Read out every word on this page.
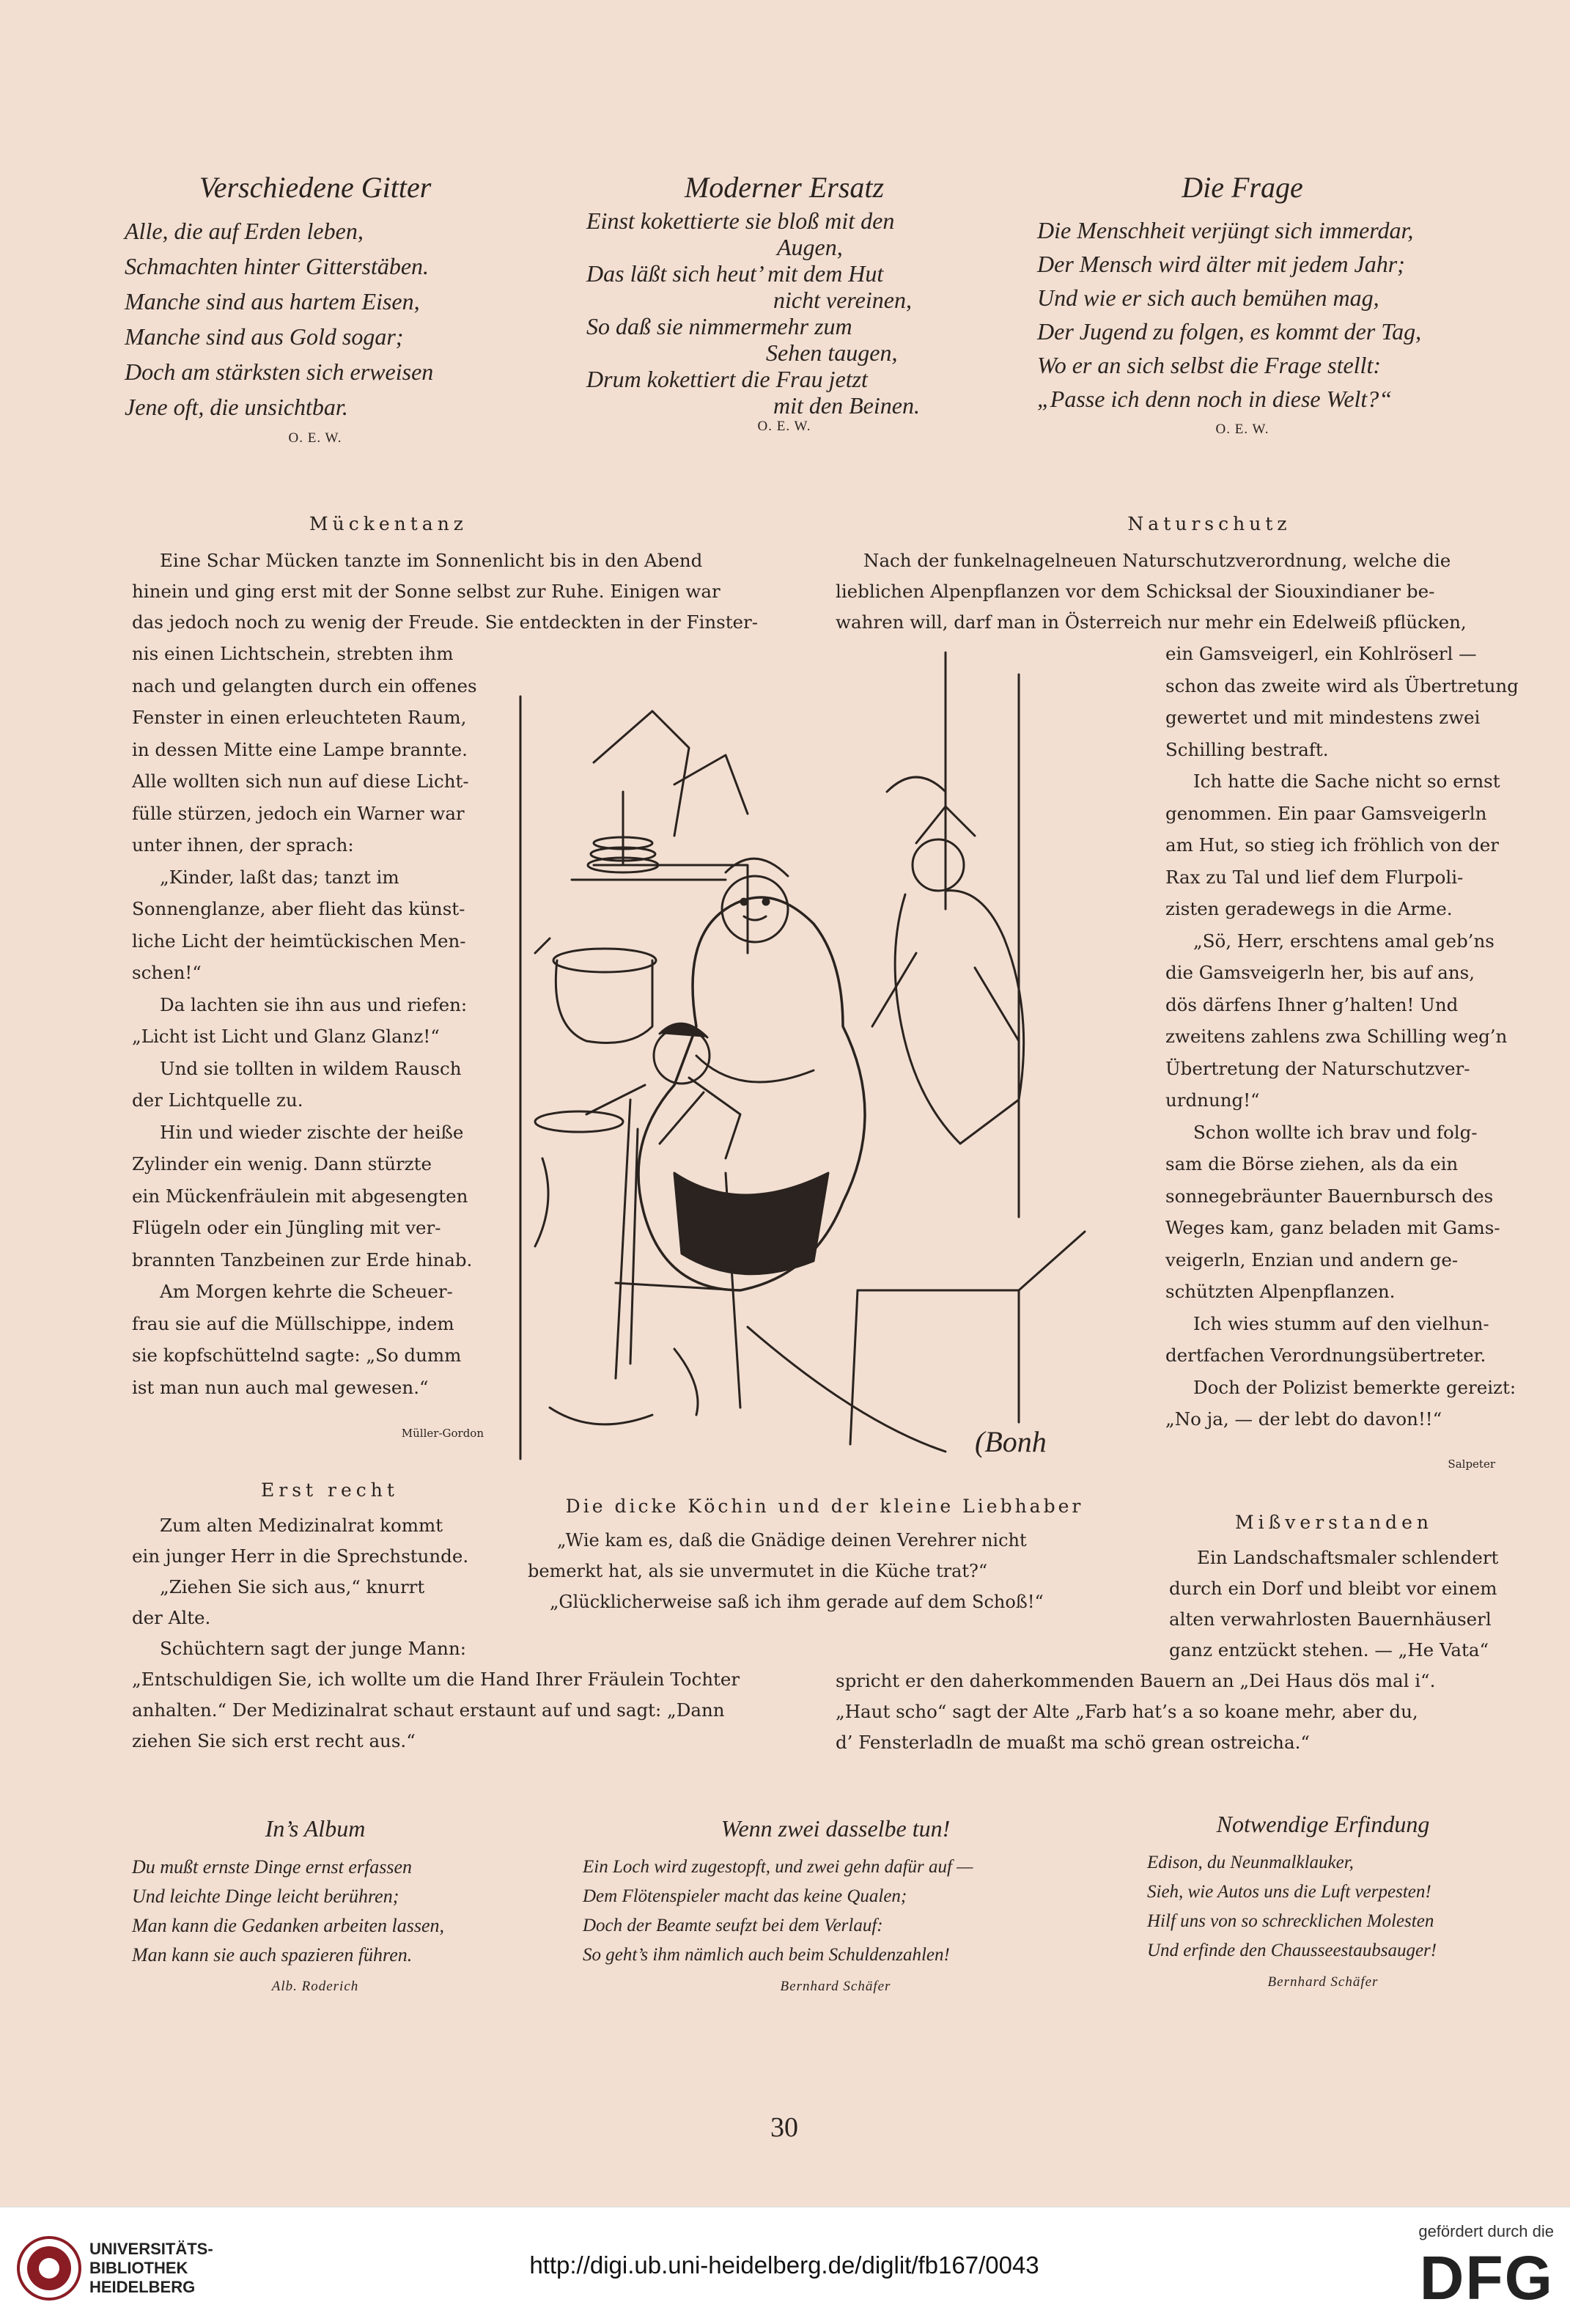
Verschiedene Gitter
Alle, die auf Erden leben,
Schmachten hinter Gitterstäben.
Manche sind aus hartem Eisen,
Manche sind aus Gold sogar;
Doch am stärksten sich erweisen
Jene oft, die unsichtbar.
O. E. W.
Moderner Ersatz
Einst kokettierte sie bloß mit den
Augen,
Das läßt sich heut’ mit dem Hut
nicht vereinen,
So daß sie nimmermehr zum
Sehen taugen,
Drum kokettiert die Frau jetzt
mit den Beinen.
O. E. W.
Die Frage
Die Menschheit verjüngt sich immerdar,
Der Mensch wird älter mit jedem Jahr;
Und wie er sich auch bemühen mag,
Der Jugend zu folgen, es kommt der Tag,
Wo er an sich selbst die Frage stellt:
„Passe ich denn noch in diese Welt?“
O. E. W.
Mückentanz
Eine Schar Mücken tanzte im Sonnenlicht bis in den Abend
hinein und ging erst mit der Sonne selbst zur Ruhe. Einigen war
das jedoch noch zu wenig der Freude. Sie entdeckten in der Finster-
nis einen Lichtschein, strebten ihm
nach und gelangten durch ein offenes
Fenster in einen erleuchteten Raum,
in dessen Mitte eine Lampe brannte.
Alle wollten sich nun auf diese Licht-
fülle stürzen, jedoch ein Warner war
unter ihnen, der sprach:
„Kinder, laßt das; tanzt im
Sonnenglanze, aber flieht das künst-
liche Licht der heimtückischen Men-
schen!“
Da lachten sie ihn aus und riefen:
„Licht ist Licht und Glanz Glanz!“
Und sie tollten in wildem Rausch
der Lichtquelle zu.
Hin und wieder zischte der heiße
Zylinder ein wenig. Dann stürzte
ein Mückenfräulein mit abgesengten
Flügeln oder ein Jüngling mit ver-
brannten Tanzbeinen zur Erde hinab.
Am Morgen kehrte die Scheuer-
frau sie auf die Müllschippe, indem
sie kopfschüttelnd sagte: „So dumm
ist man nun auch mal gewesen.“
Müller-Gordon
Naturschutz
Nach der funkelnagelneuen Naturschutzverordnung, welche die
lieblichen Alpenpflanzen vor dem Schicksal der Siouxindianer be-
wahren will, darf man in Österreich nur mehr ein Edelweiß pflücken,
ein Gamsveigerl, ein Kohlröserl —
schon das zweite wird als Übertretung
gewertet und mit mindestens zwei
Schilling bestraft.
Ich hatte die Sache nicht so ernst
genommen. Ein paar Gamsveigerln
am Hut, so stieg ich fröhlich von der
Rax zu Tal und lief dem Flurpoli-
zisten geradewegs in die Arme.
„Sö, Herr, erschtens amal geb’ns
die Gamsveigerln her, bis auf ans,
dös därfens Ihner g’halten! Und
zweitens zahlens zwa Schilling weg’n
Übertretung der Naturschutzver-
urdnung!“
Schon wollte ich brav und folg-
sam die Börse ziehen, als da ein
sonnegebräunter Bauernbursch des
Weges kam, ganz beladen mit Gams-
veigerln, Enzian und andern ge-
schützten Alpenpflanzen.
Ich wies stumm auf den vielhun-
dertfachen Verordnungsübertreter.
Doch der Polizist bemerkte gereizt:
„No ja, — der lebt do davon!!“
Salpeter
(Bonh
Die dicke Köchin und der kleine Liebhaber
„Wie kam es, daß die Gnädige deinen Verehrer nicht
bemerkt hat, als sie unvermutet in die Küche trat?“
„Glücklicherweise saß ich ihm gerade auf dem Schoß!“
Erst recht
Zum alten Medizinalrat kommt
ein junger Herr in die Sprechstunde.
„Ziehen Sie sich aus,“ knurrt
der Alte.
Schüchtern sagt der junge Mann:
„Entschuldigen Sie, ich wollte um die Hand Ihrer Fräulein Tochter
anhalten.“ Der Medizinalrat schaut erstaunt auf und sagt: „Dann
ziehen Sie sich erst recht aus.“
Mißverstanden
Ein Landschaftsmaler schlendert
durch ein Dorf und bleibt vor einem
alten verwahrlosten Bauernhäuserl
ganz entzückt stehen. — „He Vata“
spricht er den daherkommenden Bauern an „Dei Haus dös mal i“.
„Haut scho“ sagt der Alte „Farb hat’s a so koane mehr, aber du,
d’ Fensterladln de muaßt ma schö grean ostreicha.“
In’s Album
Du mußt ernste Dinge ernst erfassen
Und leichte Dinge leicht berühren;
Man kann die Gedanken arbeiten lassen,
Man kann sie auch spazieren führen.
Alb. Roderich
Wenn zwei dasselbe tun!
Ein Loch wird zugestopft, und zwei gehn dafür auf —
Dem Flötenspieler macht das keine Qualen;
Doch der Beamte seufzt bei dem Verlauf:
So geht’s ihm nämlich auch beim Schuldenzahlen!
Bernhard Schäfer
Notwendige Erfindung
Edison, du Neunmalklauker,
Sieh, wie Autos uns die Luft verpesten!
Hilf uns von so schrecklichen Molesten
Und erfinde den Chausseestaubsauger!
Bernhard Schäfer
30
UNIVERSITÄTS-
BIBLIOTHEK
HEIDELBERG
http://digi.ub.uni-heidelberg.de/diglit/fb167/0043
gefördert durch die
DFG
